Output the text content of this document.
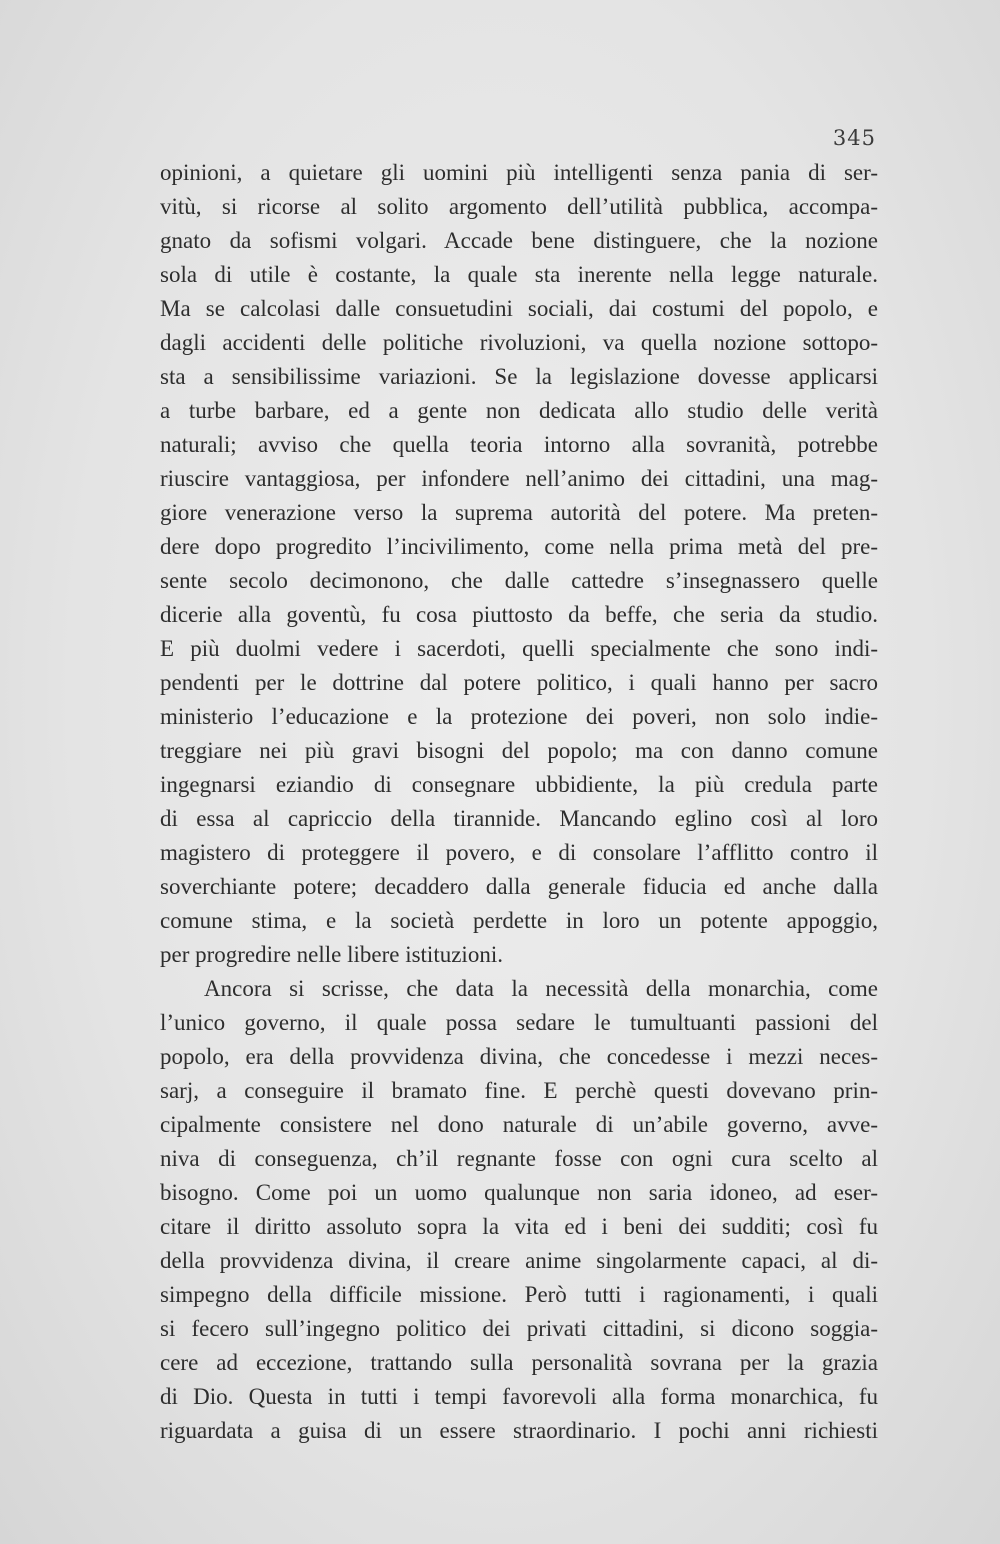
345
opinioni, a quietare gli uomini più intelligenti senza pania di ser-
vitù, si ricorse al solito argomento dell’utilità pubblica, accompa-
gnato da sofismi volgari. Accade bene distinguere, che la nozione
sola di utile è costante, la quale sta inerente nella legge naturale.
Ma se calcolasi dalle consuetudini sociali, dai costumi del popolo, e
dagli accidenti delle politiche rivoluzioni, va quella nozione sottopo-
sta a sensibilissime variazioni. Se la legislazione dovesse applicarsi
a turbe barbare, ed a gente non dedicata allo studio delle verità
naturali; avviso che quella teoria intorno alla sovranità, potrebbe
riuscire vantaggiosa, per infondere nell’animo dei cittadini, una mag-
giore venerazione verso la suprema autorità del potere. Ma preten-
dere dopo progredito l’incivilimento, come nella prima metà del pre-
sente secolo decimonono, che dalle cattedre s’insegnassero quelle
dicerie alla goventù, fu cosa piuttosto da beffe, che seria da studio.
E più duolmi vedere i sacerdoti, quelli specialmente che sono indi-
pendenti per le dottrine dal potere politico, i quali hanno per sacro
ministerio l’educazione e la protezione dei poveri, non solo indie-
treggiare nei più gravi bisogni del popolo; ma con danno comune
ingegnarsi eziandio di consegnare ubbidiente, la più credula parte
di essa al capriccio della tirannide. Mancando eglino così al loro
magistero di proteggere il povero, e di consolare l’afflitto contro il
soverchiante potere; decaddero dalla generale fiducia ed anche dalla
comune stima, e la società perdette in loro un potente appoggio,
per progredire nelle libere istituzioni.
Ancora si scrisse, che data la necessità della monarchia, come
l’unico governo, il quale possa sedare le tumultuanti passioni del
popolo, era della provvidenza divina, che concedesse i mezzi neces-
sarj, a conseguire il bramato fine. E perchè questi dovevano prin-
cipalmente consistere nel dono naturale di un’abile governo, avve-
niva di conseguenza, ch’il regnante fosse con ogni cura scelto al
bisogno. Come poi un uomo qualunque non saria idoneo, ad eser-
citare il diritto assoluto sopra la vita ed i beni dei sudditi; così fu
della provvidenza divina, il creare anime singolarmente capaci, al di-
simpegno della difficile missione. Però tutti i ragionamenti, i quali
si fecero sull’ingegno politico dei privati cittadini, si dicono soggia-
cere ad eccezione, trattando sulla personalità sovrana per la grazia
di Dio. Questa in tutti i tempi favorevoli alla forma monarchica, fu
riguardata a guisa di un essere straordinario. I pochi anni richiesti
